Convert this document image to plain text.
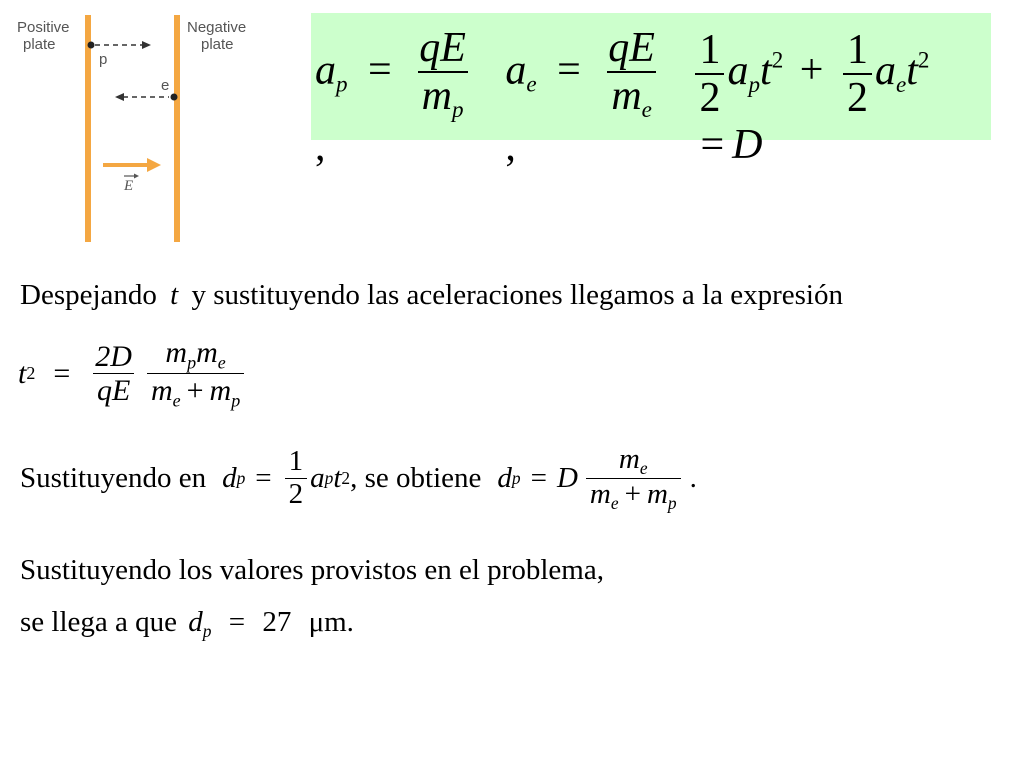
Positive
plate
Negative
plate
p
e
E
$a_p = \frac{qE}{m_p}$
,
$a_e = \frac{qE}{m_e}$
,
$\frac{1}{2} a_pt^2 + \frac{1}{2} a_et^2 = D$
Despejando t y sustituyendo las aceleraciones llegamos a la expresión
t $2 = \frac{2D}{qE} \frac{m_pm_e}{m_e + m_p}$
Sustituyendo en d $p = \frac{1}{2}$ a p t 2 , se obtiene d p = D $\frac{m_e}{m_e + m_p}$ .
Sustituyendo los valores provistos en el problema,
se llega a que $d_p = 27$ μm.
